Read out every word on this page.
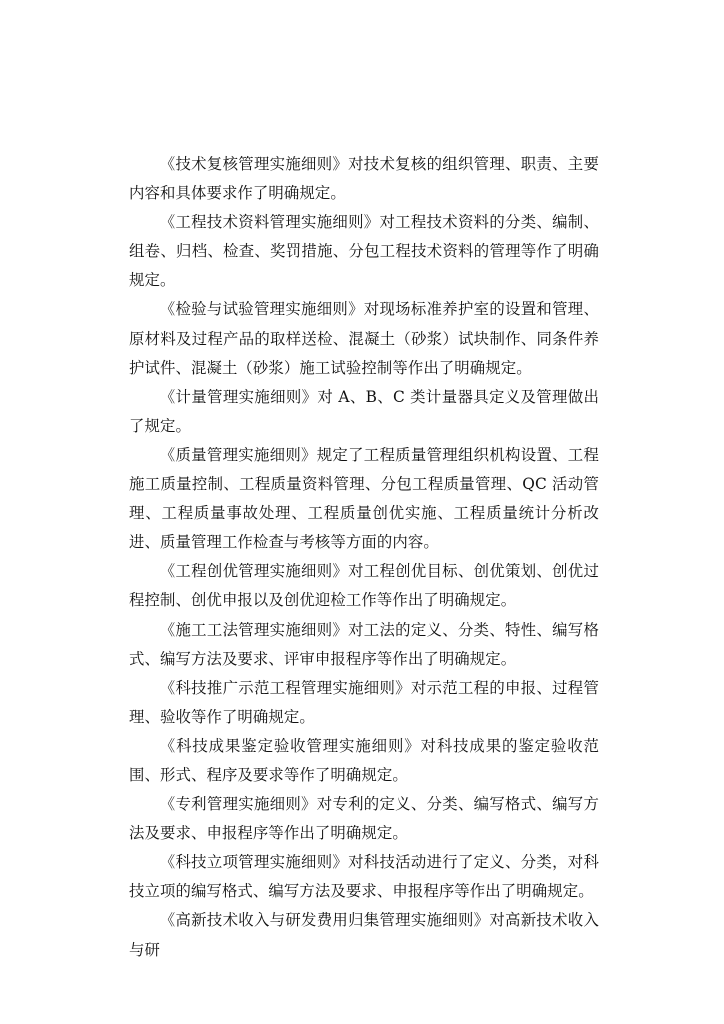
《技术复核管理实施细则》对技术复核的组织管理、职责、主要内容和具体要求作了明确规定。

《工程技术资料管理实施细则》对工程技术资料的分类、编制、组卷、归档、检查、奖罚措施、分包工程技术资料的管理等作了明确规定。

《检验与试验管理实施细则》对现场标准养护室的设置和管理、原材料及过程产品的取样送检、混凝土（砂浆）试块制作、同条件养护试件、混凝土（砂浆）施工试验控制等作出了明确规定。

《计量管理实施细则》对 A、B、C 类计量器具定义及管理做出了规定。

《质量管理实施细则》规定了工程质量管理组织机构设置、工程施工质量控制、工程质量资料管理、分包工程质量管理、QC 活动管理、工程质量事故处理、工程质量创优实施、工程质量统计分析改进、质量管理工作检查与考核等方面的内容。

《工程创优管理实施细则》对工程创优目标、创优策划、创优过程控制、创优申报以及创优迎检工作等作出了明确规定。

《施工工法管理实施细则》对工法的定义、分类、特性、编写格式、编写方法及要求、评审申报程序等作出了明确规定。

《科技推广示范工程管理实施细则》对示范工程的申报、过程管理、验收等作了明确规定。

《科技成果鉴定验收管理实施细则》对科技成果的鉴定验收范围、形式、程序及要求等作了明确规定。

《专利管理实施细则》对专利的定义、分类、编写格式、编写方法及要求、申报程序等作出了明确规定。

《科技立项管理实施细则》对科技活动进行了定义、分类，对科技立项的编写格式、编写方法及要求、申报程序等作出了明确规定。

《高新技术收入与研发费用归集管理实施细则》对高新技术收入与研
